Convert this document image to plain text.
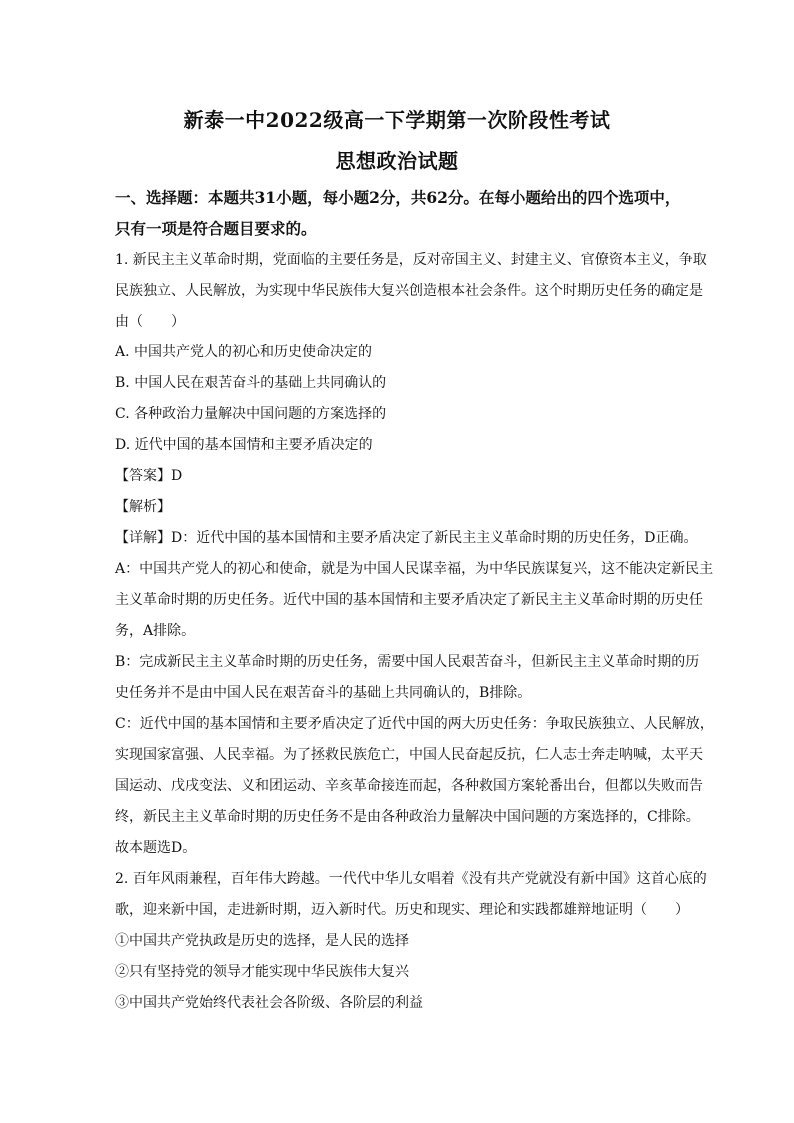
新泰一中2022级高一下学期第一次阶段性考试
思想政治试题
一、选择题：本题共31小题，每小题2分，共62分。在每小题给出的四个选项中，
只有一项是符合题目要求的。
1. 新民主主义革命时期，党面临的主要任务是，反对帝国主义、封建主义、官僚资本主义，争取
民族独立、人民解放，为实现中华民族伟大复兴创造根本社会条件。这个时期历史任务的确定是
由（　　）
A. 中国共产党人的初心和历史使命决定的
B. 中国人民在艰苦奋斗的基础上共同确认的
C. 各种政治力量解决中国问题的方案选择的
D. 近代中国的基本国情和主要矛盾决定的
【答案】D
【解析】
【详解】D：近代中国的基本国情和主要矛盾决定了新民主主义革命时期的历史任务，D正确。
A：中国共产党人的初心和使命，就是为中国人民谋幸福，为中华民族谋复兴，这不能决定新民主
主义革命时期的历史任务。近代中国的基本国情和主要矛盾决定了新民主主义革命时期的历史任
务，A排除。
B：完成新民主主义革命时期的历史任务，需要中国人民艰苦奋斗，但新民主主义革命时期的历
史任务并不是由中国人民在艰苦奋斗的基础上共同确认的，B排除。
C：近代中国的基本国情和主要矛盾决定了近代中国的两大历史任务：争取民族独立、人民解放，
实现国家富强、人民幸福。为了拯救民族危亡，中国人民奋起反抗，仁人志士奔走呐喊，太平天
国运动、戊戌变法、义和团运动、辛亥革命接连而起，各种救国方案轮番出台，但都以失败而告
终，新民主主义革命时期的历史任务不是由各种政治力量解决中国问题的方案选择的，C排除。
故本题选D。
2. 百年风雨兼程，百年伟大跨越。一代代中华儿女唱着《没有共产党就没有新中国》这首心底的
歌，迎来新中国，走进新时期，迈入新时代。历史和现实、理论和实践都雄辩地证明（　　）
①中国共产党执政是历史的选择，是人民的选择
②只有坚持党的领导才能实现中华民族伟大复兴
③中国共产党始终代表社会各阶级、各阶层的利益
